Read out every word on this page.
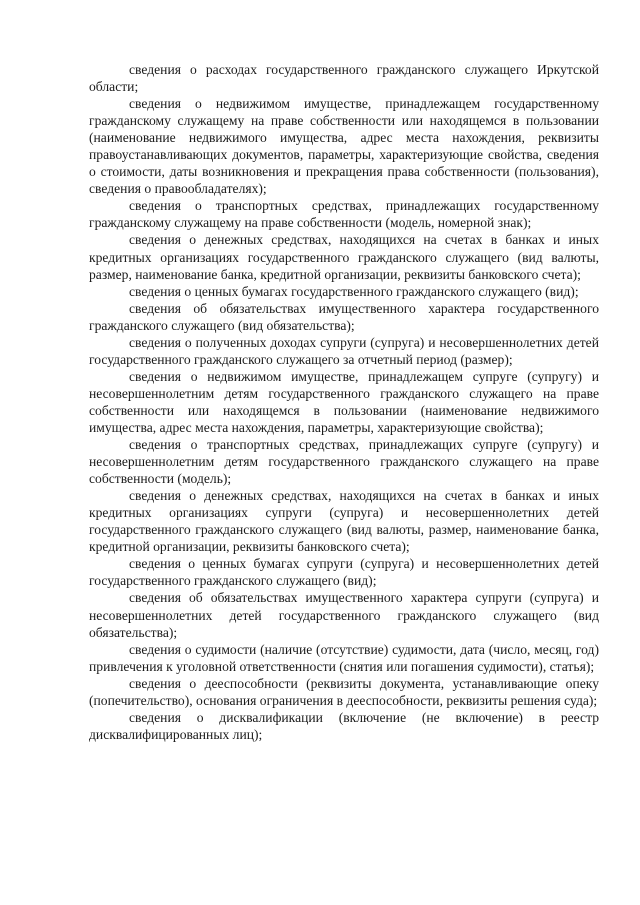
сведения о расходах государственного гражданского служащего Иркутской области;

сведения о недвижимом имуществе, принадлежащем государственному гражданскому служащему на праве собственности или находящемся в пользовании (наименование недвижимого имущества, адрес места нахождения, реквизиты правоустанавливающих документов, параметры, характеризующие свойства, сведения о стоимости, даты возникновения и прекращения права собственности (пользования), сведения о правообладателях);

сведения о транспортных средствах, принадлежащих государственному гражданскому служащему на праве собственности (модель, номерной знак);

сведения о денежных средствах, находящихся на счетах в банках и иных кредитных организациях государственного гражданского служащего (вид валюты, размер, наименование банка, кредитной организации, реквизиты банковского счета);

сведения о ценных бумагах государственного гражданского служащего (вид);

сведения об обязательствах имущественного характера государственного гражданского служащего (вид обязательства);

сведения о полученных доходах супруги (супруга) и несовершеннолетних детей государственного гражданского служащего за отчетный период (размер);

сведения о недвижимом имуществе, принадлежащем супруге (супругу) и несовершеннолетним детям государственного гражданского служащего на праве собственности или находящемся в пользовании (наименование недвижимого имущества, адрес места нахождения, параметры, характеризующие свойства);

сведения о транспортных средствах, принадлежащих супруге (супругу) и несовершеннолетним детям государственного гражданского служащего на праве собственности (модель);

сведения о денежных средствах, находящихся на счетах в банках и иных кредитных организациях супруги (супруга) и несовершеннолетних детей государственного гражданского служащего (вид валюты, размер, наименование банка, кредитной организации, реквизиты банковского счета);

сведения о ценных бумагах супруги (супруга) и несовершеннолетних детей государственного гражданского служащего (вид);

сведения об обязательствах имущественного характера супруги (супруга) и несовершеннолетних детей государственного гражданского служащего (вид обязательства);

сведения о судимости (наличие (отсутствие) судимости, дата (число, месяц, год) привлечения к уголовной ответственности (снятия или погашения судимости), статья);

сведения о дееспособности (реквизиты документа, устанавливающие опеку (попечительство), основания ограничения в дееспособности, реквизиты решения суда);

сведения о дисквалификации (включение (не включение) в реестр дисквалифицированных лиц);
